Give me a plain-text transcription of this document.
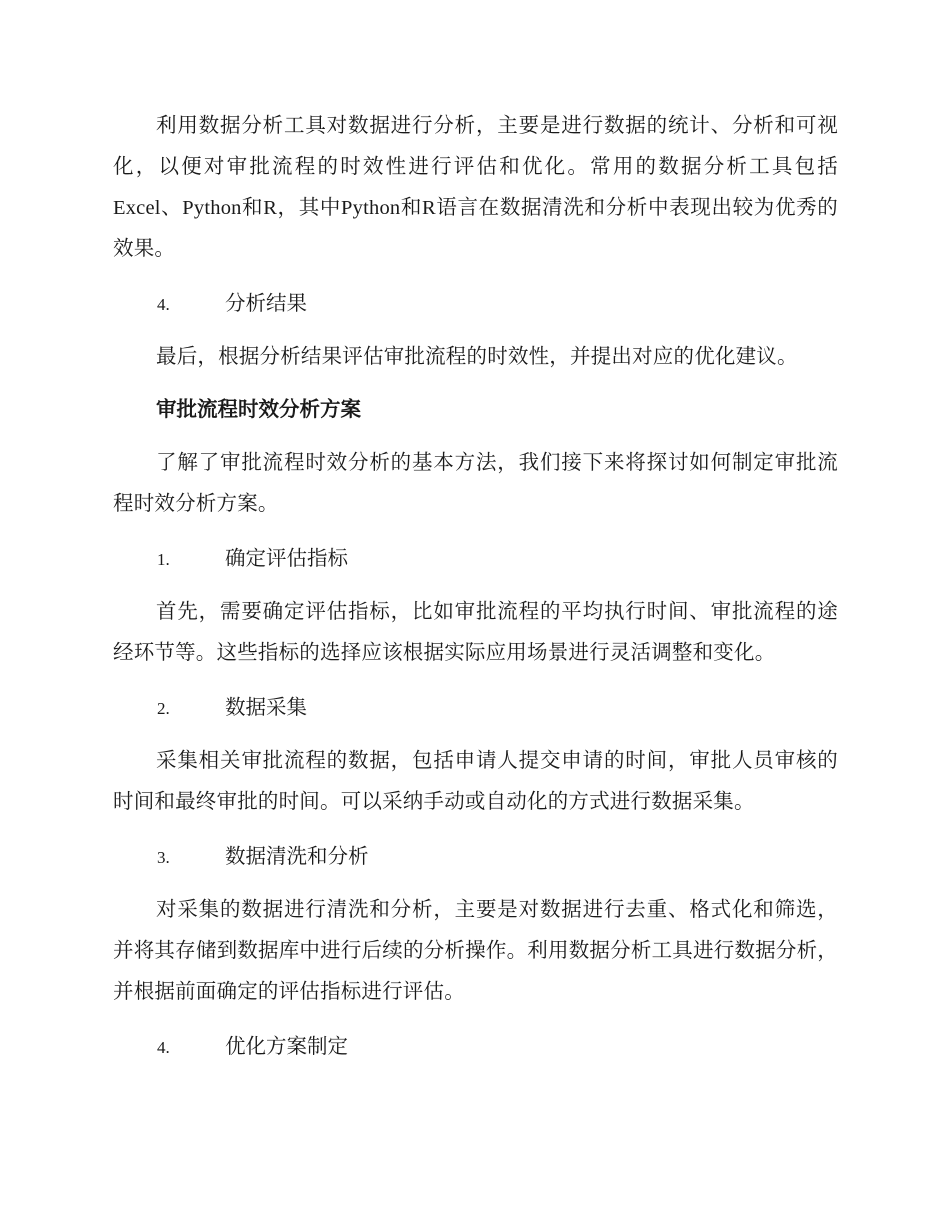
利用数据分析工具对数据进行分析，主要是进行数据的统计、分析和可视化，以便对审批流程的时效性进行评估和优化。常用的数据分析工具包括Excel、Python和R，其中Python和R语言在数据清洗和分析中表现出较为优秀的效果。

4.	分析结果

最后，根据分析结果评估审批流程的时效性，并提出对应的优化建议。

审批流程时效分析方案

了解了审批流程时效分析的基本方法，我们接下来将探讨如何制定审批流程时效分析方案。

1.	确定评估指标

首先，需要确定评估指标，比如审批流程的平均执行时间、审批流程的途经环节等。这些指标的选择应该根据实际应用场景进行灵活调整和变化。

2.	数据采集

采集相关审批流程的数据，包括申请人提交申请的时间，审批人员审核的时间和最终审批的时间。可以采纳手动或自动化的方式进行数据采集。

3.	数据清洗和分析

对采集的数据进行清洗和分析，主要是对数据进行去重、格式化和筛选，并将其存储到数据库中进行后续的分析操作。利用数据分析工具进行数据分析，并根据前面确定的评估指标进行评估。

4.	优化方案制定
